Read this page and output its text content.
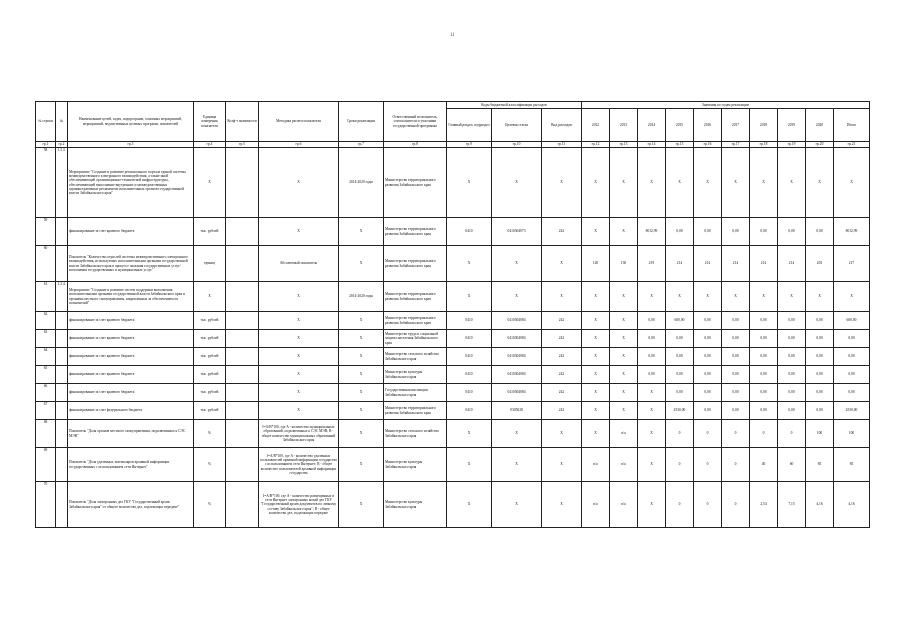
11
№ строки	№	Наименование целей, задач, подпрограмм, основных мероприятий, мероприятий, ведомственных целевых программ, показателей	Единица измерения показателя	Коэф-т значимости	Методика расчета показателя	Сроки реализации	Ответственный исполнитель, соисполнители и участники государственной программы	Коды бюджетной классификации расходов			Значения по годам реализации									
								Главный раздел, подраздел	Целевая статья	Вид расходов	2012	2013	2014	2015	2016	2017	2018	2019	2020	Итого
гр.1	гр.2	гр.3	гр.4	гр.5	гр.6	гр.7	гр.8	гр.9	гр.10	гр.11	гр.12	гр.13	гр.14	гр.15	гр.16	гр.17	гр.18	гр.19	гр.20	гр.21
58	1.3.3.	Мероприятие "Создание и развитие регионального портала единой системы межведомственного электронного взаимодействия, а также иной обеспечивающей организационно-технической инфраструктуры, обеспечивающей выполнение внутренних и межведомственных административных регламентов исполнительных органов государственной власти Забайкальского края"	Х		Х	2014-2020 годы	Министерство территориального развития Забайкальского края	Х	Х	Х	Х	Х	Х	Х	Х	Х	Х	Х	Х	Х
59		финансирование за счет краевого бюджета	тыс. рублей		Х	Х	Министерство территориального развития Забайкальского края	0410	0410304073	242	Х	Х	8012,99	0,00	0,00	0,00	0,00	0,00	0,00	8012,99
60		Показатель "Количество отраслей системы межведомственного электронного взаимодействия, используемых исполнительными органами государственной власти Забайкальского края в процессе оказания государственных услуг/исполнения государственных и муниципальных услуг"	единиц		Абсолютный показатель	Х	Министерство территориального развития Забайкальского края	Х	Х	Х	120	130	219	214	214	214	214	214	203	217
61	1.3.4.	Мероприятие "Создание и развитие систем поддержки выполнения исполнительными органами государственной власти Забайкальского края и органами местного самоуправления, закрепленных за обеспечением их полномочий"	Х		Х	2014-2020 годы	Министерство территориального развития Забайкальского края	Х	Х	Х	Х	Х	Х	Х	Х	Х	Х	Х	Х	Х
62		финансирование за счет краевого бюджета	тыс. рублей		Х	Х	Министерство территориального развития Забайкальского края	0410	0410304084	242	Х	Х	0,00	600,00	0,00	0,00	0,00	0,00	0,00	600,00
63		финансирование за счет краевого бюджета	тыс. рублей		Х	Х	Министерство труда и социальной защиты населения Забайкальского края	0410	0410304084	242	Х	Х	0,00	0,00	0,00	0,00	0,00	0,00	0,00	0,00
64		финансирование за счет краевого бюджета	тыс. рублей		Х	Х	Министерство сельского хозяйства Забайкальского края	0410	0410304084	242	Х	Х	0,00	0,00	0,00	0,00	0,00	0,00	0,00	0,00
65		финансирование за счет краевого бюджета	тыс. рублей		Х	Х	Министерство культуры Забайкальского края	0410	0410304084	242	Х	Х	0,00	0,00	0,00	0,00	0,00	0,00	0,00	0,00
66		финансирование за счет краевого бюджета	тыс. рублей		Х	Х	Государственная инспекция Забайкальского края	0410	0410304084	242	Х	Х	Х	0,00	0,00	0,00	0,00	0,00	0,00	0,00
67		финансирование за счет федерального бюджета	тыс. рублей		Х	Х	Министерство территориального развития Забайкальского края	0410	0305028	242	Х	Х	Х	4530,00	0,00	0,00	0,00	0,00	0,00	4530,00
68		Показатель "Доля органов местного самоуправления, подключенных к СЭС МЭВ"	%		I=A/B*100, где A - количество муниципальных образований, подключенных к СЭС МЭВ; B - общее количество муниципальных образований Забайкальского края	Х	Министерство сельского хозяйства Забайкальского края	Х	Х	Х	Х	n/a	Х	0	0	0	0	0	100	100
69		Показатель "Доля удаленных экземпляров архивной информации государственных с использованием сети Интернет"	%		I=A/B*100, где A - количество удаленных пользователей архивной информации государства с использованием сети Интернет; B - общее количество пользователей архивной информации государства	Х	Министерство культуры Забайкальского края	Х	Х	Х	n/a	n/a	Х	0	0	0	40	60	85	85
70		Показатель "Доля электронных дел ГКУ "Государственный архив Забайкальского края" от общего количества дел, подлежащих передаче"	%		I=A/B*100, где A - количество размещенных в сети Интернет электронных копий дел ГКУ "Государственный архив документов по личному составу Забайкальского края"; B - общее количество дел, подлежащих передаче	Х	Министерство культуры Забайкальского края	Х	Х	Х	n/a	n/a	Х	0	0	0	2,54	7,15	4,16	4,16
